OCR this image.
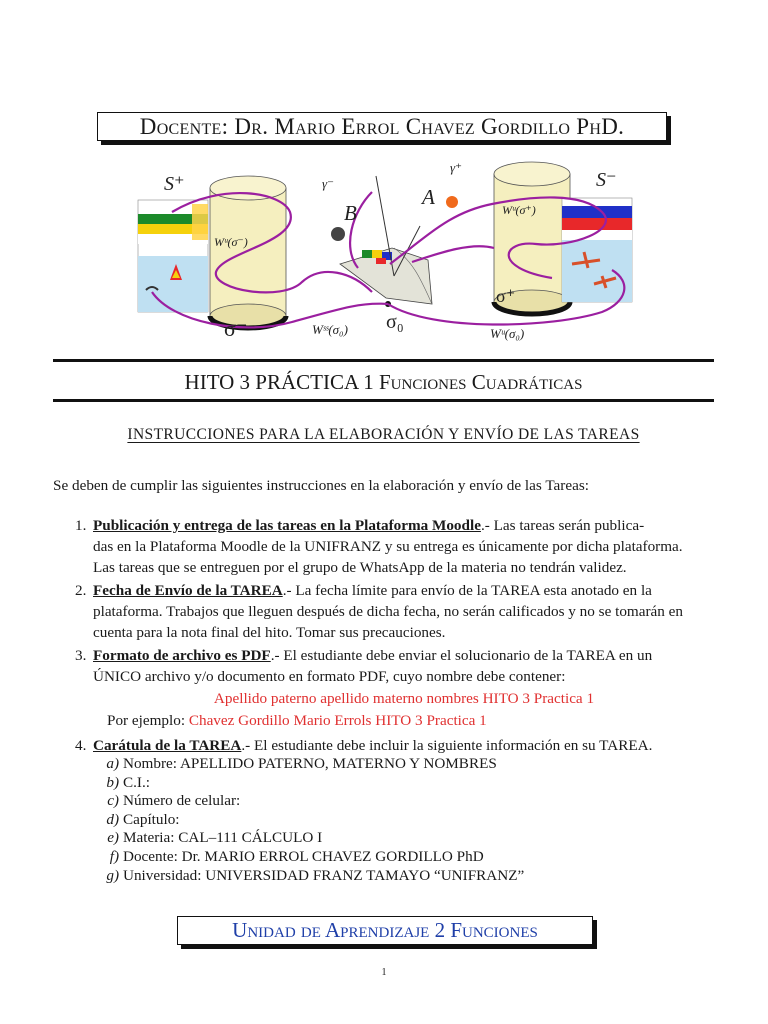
Docente: Dr. Mario Errol Chavez Gordillo PhD.
S⁺	S⁻
B
A
σ⁻
σ⁺
σ₀
γ⁻
γ⁺
Wᵘ(σ⁺)
Wᵘ(σ⁻)
Wˢˢ(σ₀)	Wᵘ(σ₀)
HITO 3 PRÁCTICA 1 Funciones Cuadráticas
INSTRUCCIONES PARA LA ELABORACIÓN Y ENVÍO DE LAS TAREAS
Se deben de cumplir las siguientes instrucciones en la elaboración y envío de las Tareas:
1. Publicación y entrega de las tareas en la Plataforma Moodle.- Las tareas serán publica-
das en la Plataforma Moodle de la UNIFRANZ y su entrega es únicamente por dicha plataforma.
Las tareas que se entreguen por el grupo de WhatsApp de la materia no tendrán validez.
2. Fecha de Envío de la TAREA.- La fecha límite para envío de la TAREA esta anotado en la
plataforma. Trabajos que lleguen después de dicha fecha, no serán calificados y no se tomarán en
cuenta para la nota final del hito. Tomar sus precauciones.
3. Formato de archivo es PDF.- El estudiante debe enviar el solucionario de la TAREA en un
ÚNICO archivo y/o documento en formato PDF, cuyo nombre debe contener:
Apellido paterno apellido materno nombres HITO 3 Practica 1
Por ejemplo: Chavez Gordillo Mario Errols HITO 3 Practica 1
4. Carátula de la TAREA.- El estudiante debe incluir la siguiente información en su TAREA.
a) Nombre: APELLIDO PATERNO, MATERNO Y NOMBRES
b) C.I.:
c) Número de celular:
d) Capítulo:
e) Materia: CAL–111 CÁLCULO I
f) Docente: Dr. MARIO ERROL CHAVEZ GORDILLO PhD
g) Universidad: UNIVERSIDAD FRANZ TAMAYO “UNIFRANZ”
Unidad de Aprendizaje 2 Funciones
1
